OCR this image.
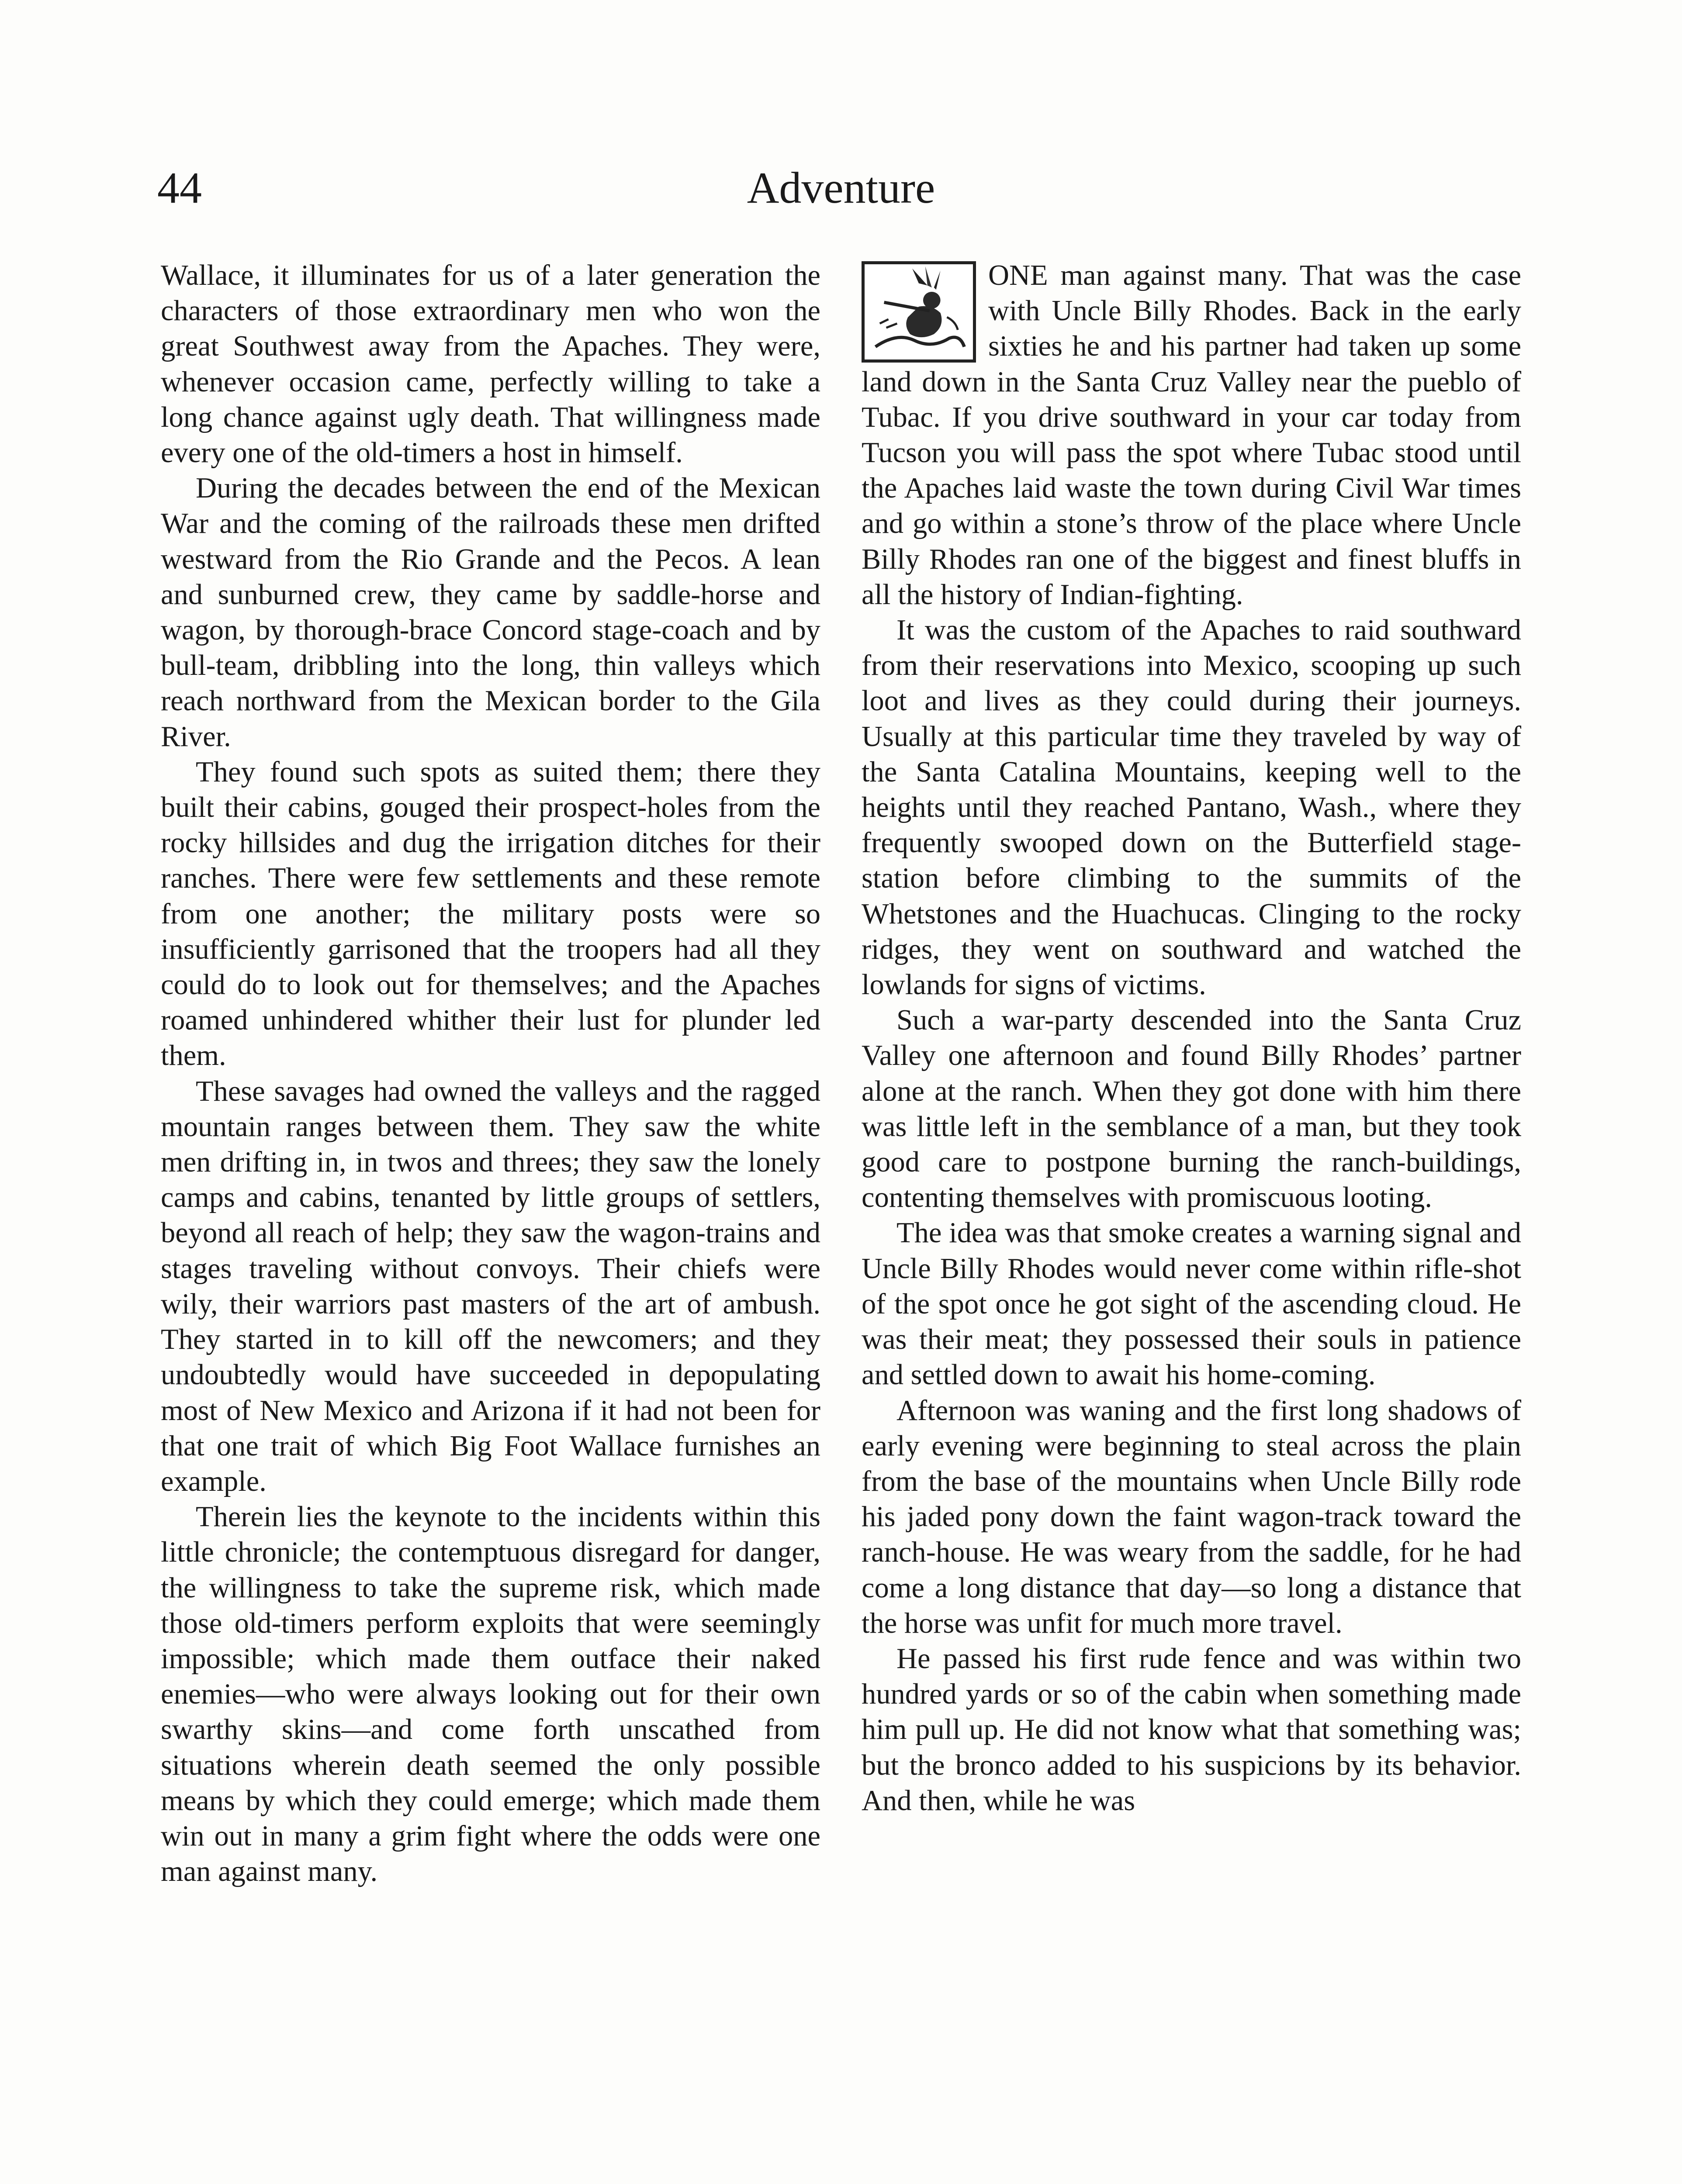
44	Adventure

Wallace, it illuminates for us of a later generation the characters of those extraordinary men who won the great Southwest away from the Apaches. They were, whenever occasion came, perfectly willing to take a long chance against ugly death. That willingness made every one of the old-timers a host in himself.

During the decades between the end of the Mexican War and the coming of the railroads these men drifted westward from the Rio Grande and the Pecos. A lean and sunburned crew, they came by saddle-horse and wagon, by thorough-brace Concord stage-coach and by bull-team, dribbling into the long, thin valleys which reach northward from the Mexican border to the Gila River.

They found such spots as suited them; there they built their cabins, gouged their prospect-holes from the rocky hillsides and dug the irrigation ditches for their ranches. There were few settlements and these remote from one another; the military posts were so insufficiently garrisoned that the troopers had all they could do to look out for themselves; and the Apaches roamed unhindered whither their lust for plunder led them.

These savages had owned the valleys and the ragged mountain ranges between them. They saw the white men drifting in, in twos and threes; they saw the lonely camps and cabins, tenanted by little groups of settlers, beyond all reach of help; they saw the wagon-trains and stages traveling without convoys. Their chiefs were wily, their warriors past masters of the art of ambush. They started in to kill off the newcomers; and they undoubtedly would have succeeded in depopulating most of New Mexico and Arizona if it had not been for that one trait of which Big Foot Wallace furnishes an example.

Therein lies the keynote to the incidents within this little chronicle; the contemptuous disregard for danger, the willingness to take the supreme risk, which made those old-timers perform exploits that were seemingly impossible; which made them outface their naked enemies—who were always looking out for their own swarthy skins—and come forth unscathed from situations wherein death seemed the only possible means by which they could emerge; which made them win out in many a grim fight where the odds were one man against many.

ONE man against many. That was the case with Uncle Billy Rhodes. Back in the early sixties he and his partner had taken up some land down in the Santa Cruz Valley near the pueblo of Tubac. If you drive southward in your car today from Tucson you will pass the spot where Tubac stood until the Apaches laid waste the town during Civil War times and go within a stone’s throw of the place where Uncle Billy Rhodes ran one of the biggest and finest bluffs in all the history of Indian-fighting.

It was the custom of the Apaches to raid southward from their reservations into Mexico, scooping up such loot and lives as they could during their journeys. Usually at this particular time they traveled by way of the Santa Catalina Mountains, keeping well to the heights until they reached Pantano, Wash., where they frequently swooped down on the Butterfield stage-station before climbing to the summits of the Whetstones and the Huachucas. Clinging to the rocky ridges, they went on southward and watched the lowlands for signs of victims.

Such a war-party descended into the Santa Cruz Valley one afternoon and found Billy Rhodes’ partner alone at the ranch. When they got done with him there was little left in the semblance of a man, but they took good care to postpone burning the ranch-buildings, contenting themselves with promiscuous looting.

The idea was that smoke creates a warning signal and Uncle Billy Rhodes would never come within rifle-shot of the spot once he got sight of the ascending cloud. He was their meat; they possessed their souls in patience and settled down to await his home-coming.

Afternoon was waning and the first long shadows of early evening were beginning to steal across the plain from the base of the mountains when Uncle Billy rode his jaded pony down the faint wagon-track toward the ranch-house. He was weary from the saddle, for he had come a long distance that day—so long a distance that the horse was unfit for much more travel.

He passed his first rude fence and was within two hundred yards or so of the cabin when something made him pull up. He did not know what that something was; but the bronco added to his suspicions by its behavior. And then, while he was
